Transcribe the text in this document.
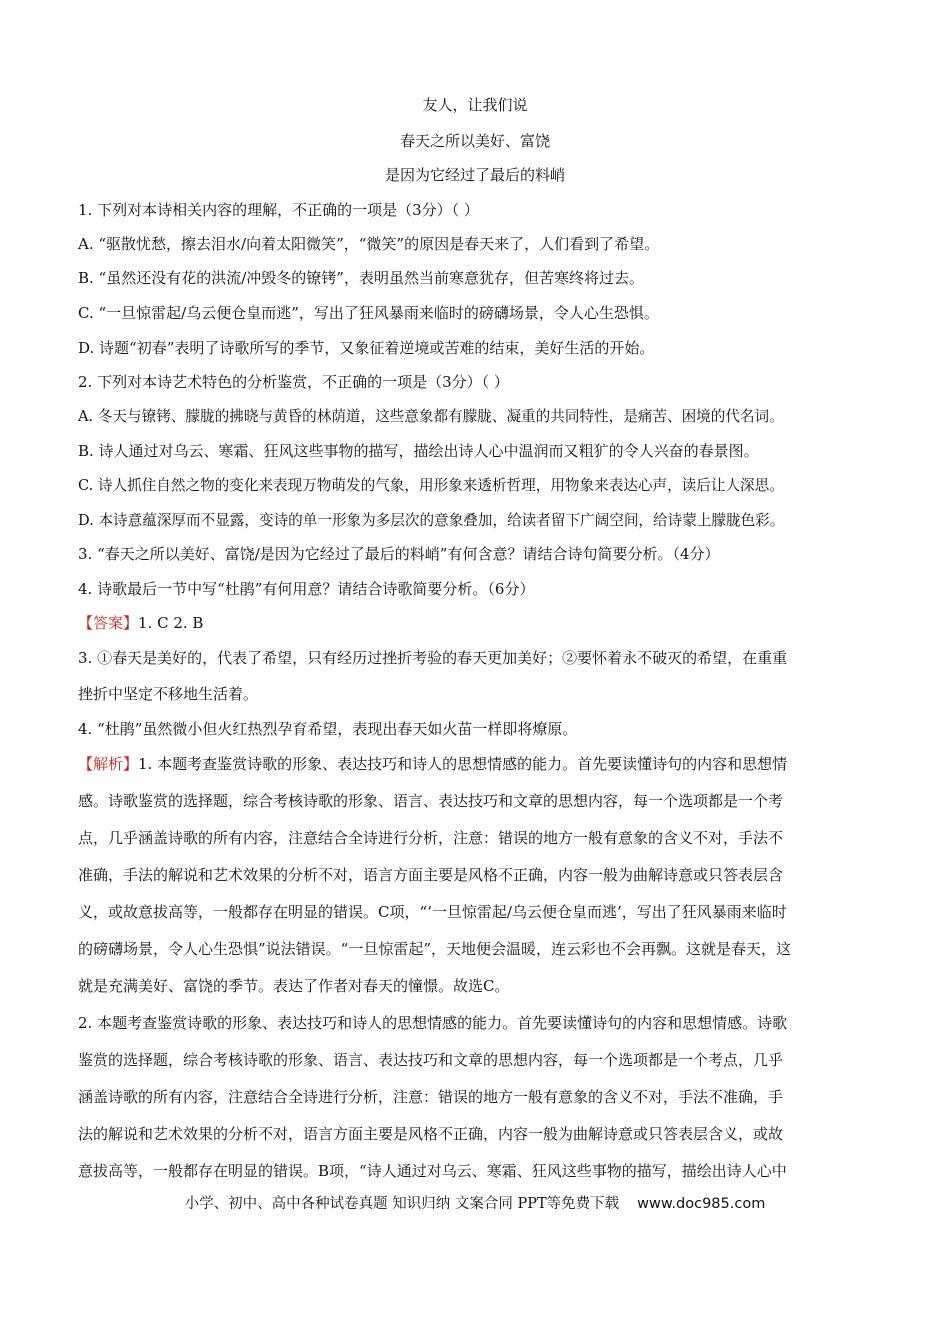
友人，让我们说
春天之所以美好、富饶
是因为它经过了最后的料峭
1. 下列对本诗相关内容的理解，不正确的一项是（3分）（ ）
A. “驱散忧愁，擦去泪水/向着太阳微笑”，“微笑”的原因是春天来了，人们看到了希望。
B. “虽然还没有花的洪流/冲毁冬的镣铐”，表明虽然当前寒意犹存，但苦寒终将过去。
C. “一旦惊雷起/乌云便仓皇而逃”，写出了狂风暴雨来临时的磅礴场景，令人心生恐惧。
D. 诗题“初春”表明了诗歌所写的季节，又象征着逆境或苦难的结束，美好生活的开始。
2. 下列对本诗艺术特色的分析鉴赏，不正确的一项是（3分）（ ）
A. 冬天与镣铐、朦胧的拂晓与黄昏的林荫道，这些意象都有朦胧、凝重的共同特性，是痛苦、困境的代名词。
B. 诗人通过对乌云、寒霜、狂风这些事物的描写，描绘出诗人心中温润而又粗犷的令人兴奋的春景图。
C. 诗人抓住自然之物的变化来表现万物萌发的气象，用形象来透析哲理，用物象来表达心声，读后让人深思。
D. 本诗意蕴深厚而不显露，变诗的单一形象为多层次的意象叠加，给读者留下广阔空间，给诗蒙上朦胧色彩。
3. “春天之所以美好、富饶/是因为它经过了最后的料峭”有何含意？请结合诗句简要分析。（4分）
4. 诗歌最后一节中写“杜鹃”有何用意？请结合诗歌简要分析。（6分）
【答案】1. C 2. B
3. ①春天是美好的，代表了希望，只有经历过挫折考验的春天更加美好；②要怀着永不破灭的希望，在重重
挫折中坚定不移地生活着。
4. “杜鹃”虽然微小但火红热烈孕育希望，表现出春天如火苗一样即将燎原。
【解析】1. 本题考查鉴赏诗歌的形象、表达技巧和诗人的思想情感的能力。首先要读懂诗句的内容和思想情
感。诗歌鉴赏的选择题，综合考核诗歌的形象、语言、表达技巧和文章的思想内容，每一个选项都是一个考
点，几乎涵盖诗歌的所有内容，注意结合全诗进行分析，注意：错误的地方一般有意象的含义不对，手法不
准确，手法的解说和艺术效果的分析不对，语言方面主要是风格不正确，内容一般为曲解诗意或只答表层含
义，或故意拔高等，一般都存在明显的错误。C项，“‘一旦惊雷起/乌云便仓皇而逃’，写出了狂风暴雨来临时
的磅礴场景，令人心生恐惧”说法错误。“一旦惊雷起”，天地便会温暖，连云彩也不会再飘。这就是春天，这
就是充满美好、富饶的季节。表达了作者对春天的憧憬。故选C。
2. 本题考查鉴赏诗歌的形象、表达技巧和诗人的思想情感的能力。首先要读懂诗句的内容和思想情感。诗歌
鉴赏的选择题，综合考核诗歌的形象、语言、表达技巧和文章的思想内容，每一个选项都是一个考点，几乎
涵盖诗歌的所有内容，注意结合全诗进行分析，注意：错误的地方一般有意象的含义不对，手法不准确，手
法的解说和艺术效果的分析不对，语言方面主要是风格不正确，内容一般为曲解诗意或只答表层含义，或故
意拔高等，一般都存在明显的错误。B项，“诗人通过对乌云、寒霜、狂风这些事物的描写，描绘出诗人心中
小学、初中、高中各种试卷真题 知识归纳 文案合同 PPT等免费下载 www.doc985.com
